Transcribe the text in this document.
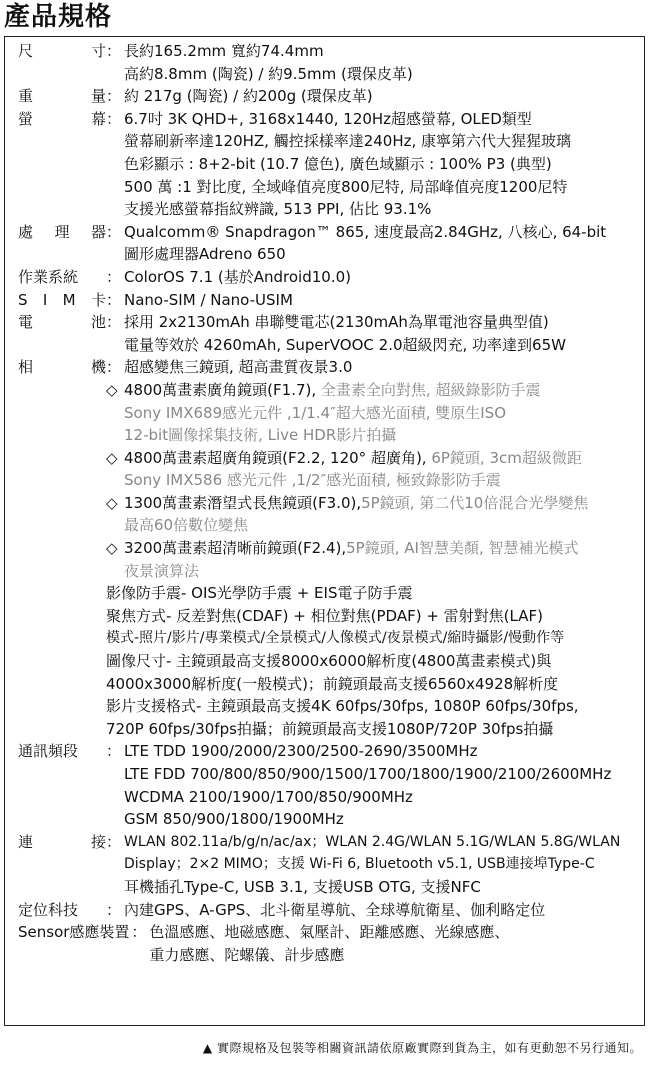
產品規格
尺	寸 ： 長約165.2mm 寬約74.4mm
高約8.8mm (陶瓷) / 約9.5mm (環保皮革)
重	量 ： 約 217g (陶瓷) / 約200g (環保皮革)
螢	幕 ： 6.7吋 3K QHD+, 3168x1440, 120Hz超感螢幕, OLED類型
螢幕刷新率達120HZ, 觸控採樣率達240Hz, 康寧第六代大猩猩玻璃
色彩顯示 : 8+2-bit (10.7 億色), 廣色域顯示 : 100% P3 (典型)
500 萬 :1 對比度, 全域峰值亮度800尼特, 局部峰值亮度1200尼特
支援光感螢幕指紋辨識, 513 PPI, 佔比 93.1%
處 理 器 ： Qualcomm® Snapdragon™ 865, 速度最高2.84GHz, 八核心, 64-bit
圖形處理器Adreno 650
作業系統 ： ColorOS 7.1 (基於Android10.0)
S I M 卡 ： Nano-SIM / Nano-USIM
電	池 ： 採用 2x2130mAh 串聯雙電芯(2130mAh為單電池容量典型值)
電量等效於 4260mAh, SuperVOOC 2.0超級閃充, 功率達到65W
相	機 ： 超感變焦三鏡頭, 超高畫質夜景3.0
◇ 4800萬畫素廣角鏡頭(F1.7), 全畫素全向對焦, 超級錄影防手震
Sony IMX689感光元件 ,1/1.4″超大感光面積, 雙原生ISO
12-bit圖像採集技術, Live HDR影片拍攝
◇ 4800萬畫素超廣角鏡頭(F2.2, 120° 超廣角), 6P鏡頭, 3cm超級微距
Sony IMX586 感光元件 ,1/2″感光面積, 極致錄影防手震
◇ 1300萬畫素潛望式長焦鏡頭(F3.0),5P鏡頭, 第二代10倍混合光學變焦
最高60倍數位變焦
◇ 3200萬畫素超清晰前鏡頭(F2.4),5P鏡頭, AI智慧美顏, 智慧補光模式
夜景演算法
影像防手震- OIS光學防手震 + EIS電子防手震
聚焦方式- 反差對焦(CDAF) + 相位對焦(PDAF) + 雷射對焦(LAF)
模式-照片/影片/專業模式/全景模式/人像模式/夜景模式/縮時攝影/慢動作等
圖像尺寸- 主鏡頭最高支援8000x6000解析度(4800萬畫素模式)與
4000x3000解析度(一般模式)；前鏡頭最高支援6560x4928解析度
影片支援格式- 主鏡頭最高支援4K 60fps/30fps, 1080P 60fps/30fps,
720P 60fps/30fps拍攝；前鏡頭最高支援1080P/720P 30fps拍攝
通訊頻段 ： LTE TDD 1900/2000/2300/2500-2690/3500MHz
LTE FDD 700/800/850/900/1500/1700/1800/1900/2100/2600MHz
WCDMA 2100/1900/1700/850/900MHz
GSM 850/900/1800/1900MHz
連	接 ： WLAN 802.11a/b/g/n/ac/ax；WLAN 2.4G/WLAN 5.1G/WLAN 5.8G/WLAN
Display；2×2 MIMO；支援 Wi-Fi 6, Bluetooth v5.1, USB連接埠Type-C
耳機插孔Type-C, USB 3.1, 支援USB OTG, 支援NFC
定位科技 ： 內建GPS、A-GPS、北斗衛星導航、全球導航衛星、伽利略定位
Sensor感應裝置 ： 色溫感應、地磁感應、氣壓計、距離感應、光線感應、
重力感應、陀螺儀、計步感應
▲ 實際規格及包裝等相關資訊請依原廠實際到貨為主，如有更動恕不另行通知。
